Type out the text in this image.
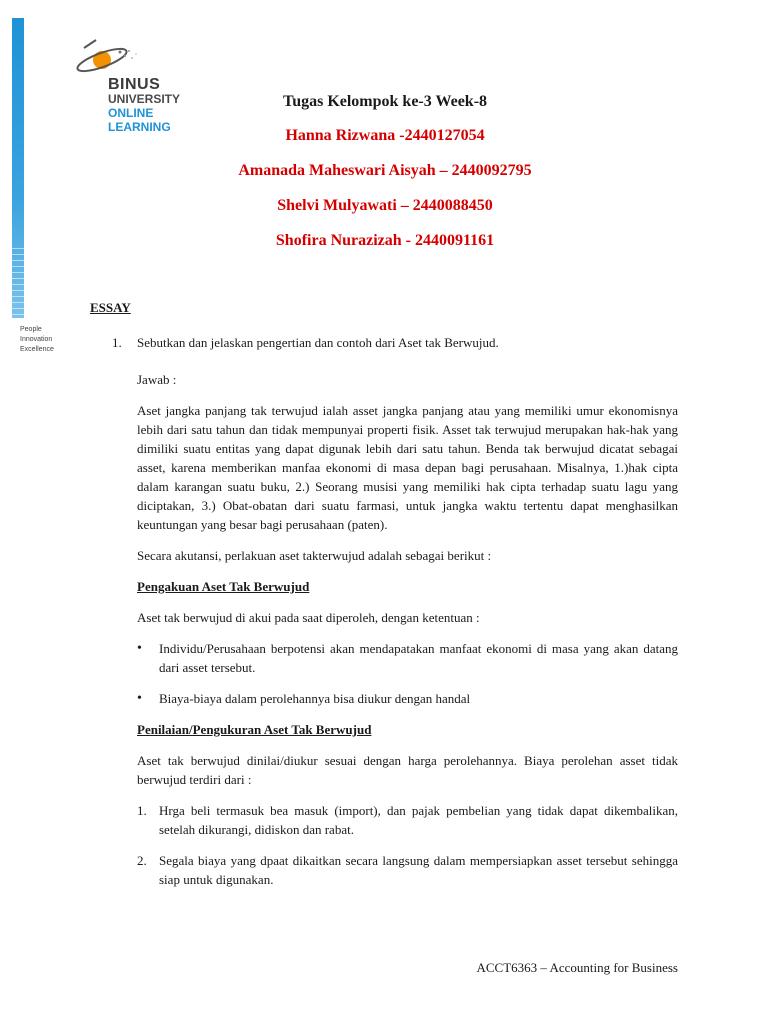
People
Innovation
Excellence
BINUS
UNIVERSITY
ONLINE
LEARNING
Tugas Kelompok ke-3 Week-8
Hanna Rizwana -2440127054
Amanada Maheswari Aisyah – 2440092795
Shelvi Mulyawati – 2440088450
Shofira Nurazizah - 2440091161
ESSAY
1.	Sebutkan dan jelaskan pengertian dan contoh dari Aset tak Berwujud.

Jawab :

Aset jangka panjang tak terwujud ialah asset jangka panjang atau yang memiliki umur ekonomisnya lebih dari satu tahun dan tidak mempunyai properti fisik. Asset tak terwujud merupakan hak-hak yang dimiliki suatu entitas yang dapat digunak lebih dari satu tahun. Benda tak berwujud dicatat sebagai asset, karena memberikan manfaa ekonomi di masa depan bagi perusahaan. Misalnya, 1.)hak cipta dalam karangan suatu buku, 2.) Seorang musisi yang memiliki hak cipta terhadap suatu lagu yang diciptakan, 3.) Obat-obatan dari suatu farmasi, untuk jangka waktu tertentu dapat menghasilkan keuntungan yang besar bagi perusahaan (paten).

Secara akutansi, perlakuan aset takterwujud adalah sebagai berikut :

Pengakuan Aset Tak Berwujud

Aset tak berwujud di akui pada saat diperoleh, dengan ketentuan :

•	Individu/Perusahaan berpotensi akan mendapatakan manfaat ekonomi di masa yang akan datang dari asset tersebut.
•	Biaya-biaya dalam perolehannya bisa diukur dengan handal

Penilaian/Pengukuran Aset Tak Berwujud

Aset tak berwujud dinilai/diukur sesuai dengan harga perolehannya. Biaya perolehan asset tidak berwujud terdiri dari :

1. Hrga beli termasuk bea masuk (import), dan pajak pembelian yang tidak dapat dikembalikan, setelah dikurangi, didiskon dan rabat.
2. Segala biaya yang dpaat dikaitkan secara langsung dalam mempersiapkan asset tersebut sehingga siap untuk digunakan.
ACCT6363 – Accounting for Business
